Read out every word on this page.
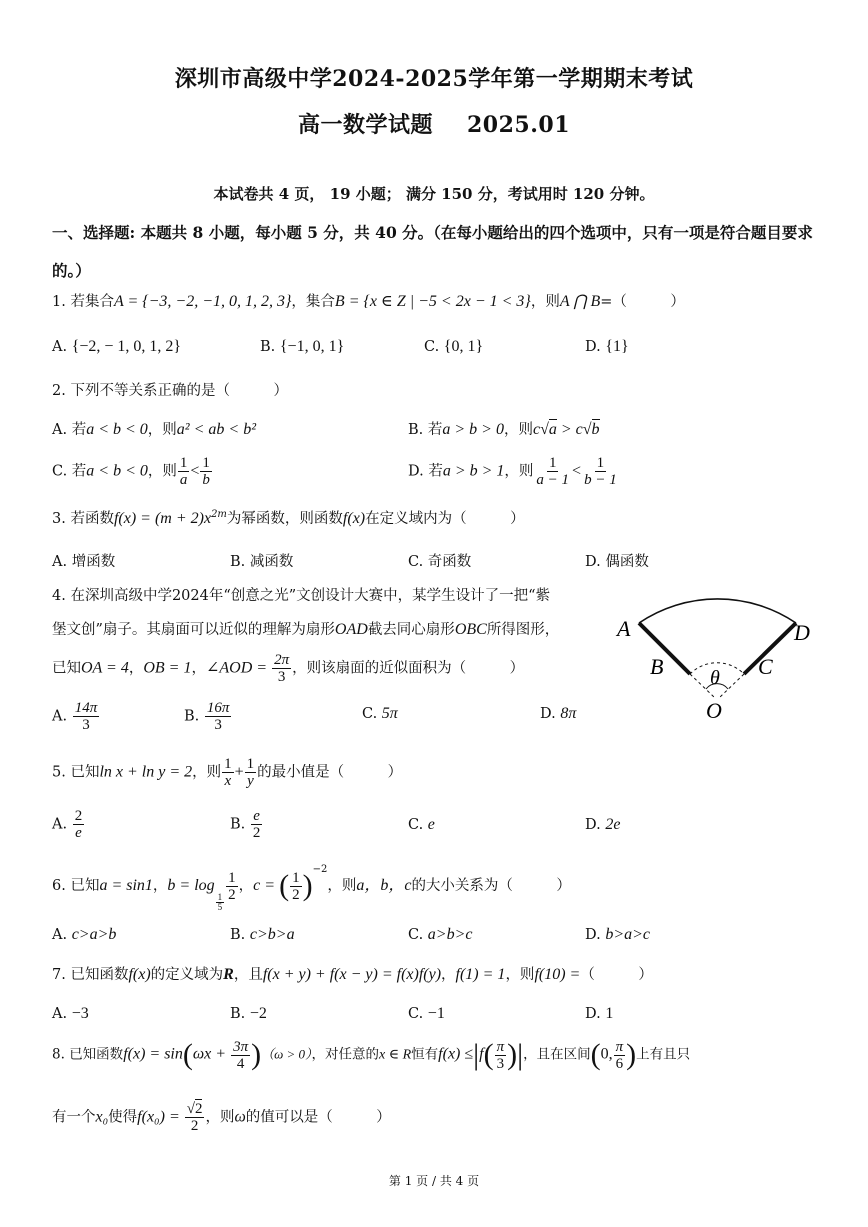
深圳市高级中学2024-2025学年第一学期期末考试
高一数学试题 2025.01
本试卷共 4 页， 19 小题； 满分 150 分，考试用时 120 分钟。
一、选择题: 本题共 8 小题，每小题 5 分，共 40 分。（在每小题给出的四个选项中，只有一项是符合题目要求的。）
1. 若集合A = {−3, −2, −1, 0, 1, 2, 3}，集合B = {x ∈ Z | −5 < 2x − 1 < 3}，则A ⋂ B=（　　　）
A. {−2, − 1, 0, 1, 2}	B. {−1, 0, 1}	C. {0, 1}	D. {1}
2. 下列不等关系正确的是（　　　）
A. 若a < b < 0，则a² < ab < b²	B. 若a > b > 0，则c√a > c√b
C. 若a < b < 0，则 $\frac{1}{a} < \frac{1}{b}$	D. 若a > b > 1，则 $\frac{1}{a - 1} < \frac{1}{b - 1}$
3. 若函数$f(x) = (m + 2)x^{2m}$为幂函数，则函数f(x)在定义域内为（　　　）
A. 增函数	B. 减函数	C. 奇函数	D. 偶函数
4. 在深圳高级中学2024年“创意之光”文创设计大赛中，某学生设计了一把“紫
堡文创”扇子。其扇面可以近似的理解为扇形OAD截去同心扇形OBC所得图形，
已知OA = 4，OB = 1，∠AOD = $\frac{2\pi}{3}$ ，则该扇面的近似面积为（　　　）
A. $\frac{14\pi}{3}$	B. $\frac{16\pi}{3}$	C. 5π	D. 8π
A
B	C
D
O
θ
5. 已知ln x + ln y = 2，则 $\frac{1}{x} + \frac{1}{y}$ 的最小值是（　　　）
A. $\frac{2}{e}$	B. $\frac{e}{2}$	C. e	D. 2e
6. 已知a = sin1，b = log
$\frac{1}{5} \frac{1}{2}$ ，c = ( $\frac{1}{2} )^{-2}$，则a，b，c的大小关系为（　　　）
A. c>a>b	B. c>b>a	C. a>b>c	D. b>a>c
7. 已知函数f(x)的定义域为R，且f(x + y) + f(x − y) = f(x)f(y)，f(1) = 1，则f(10) =（　　　）
A. −3	B. −2	C. −1	D. 1
8. 已知函数$f(x) = \sin(\omega x + \frac{3\pi}{4} )(\omega > 0)$，对任意的x ∈ R恒有$f(x) \le|f( \frac{\pi}{3}$ )|，且在区间(0, $\frac{\pi}{6}$ )上有且只
有一个x₀使得$f(x_0) = \frac{√2}{2}$ ，则ω的值可以是（　　　）
第 1 页 / 共 4 页
